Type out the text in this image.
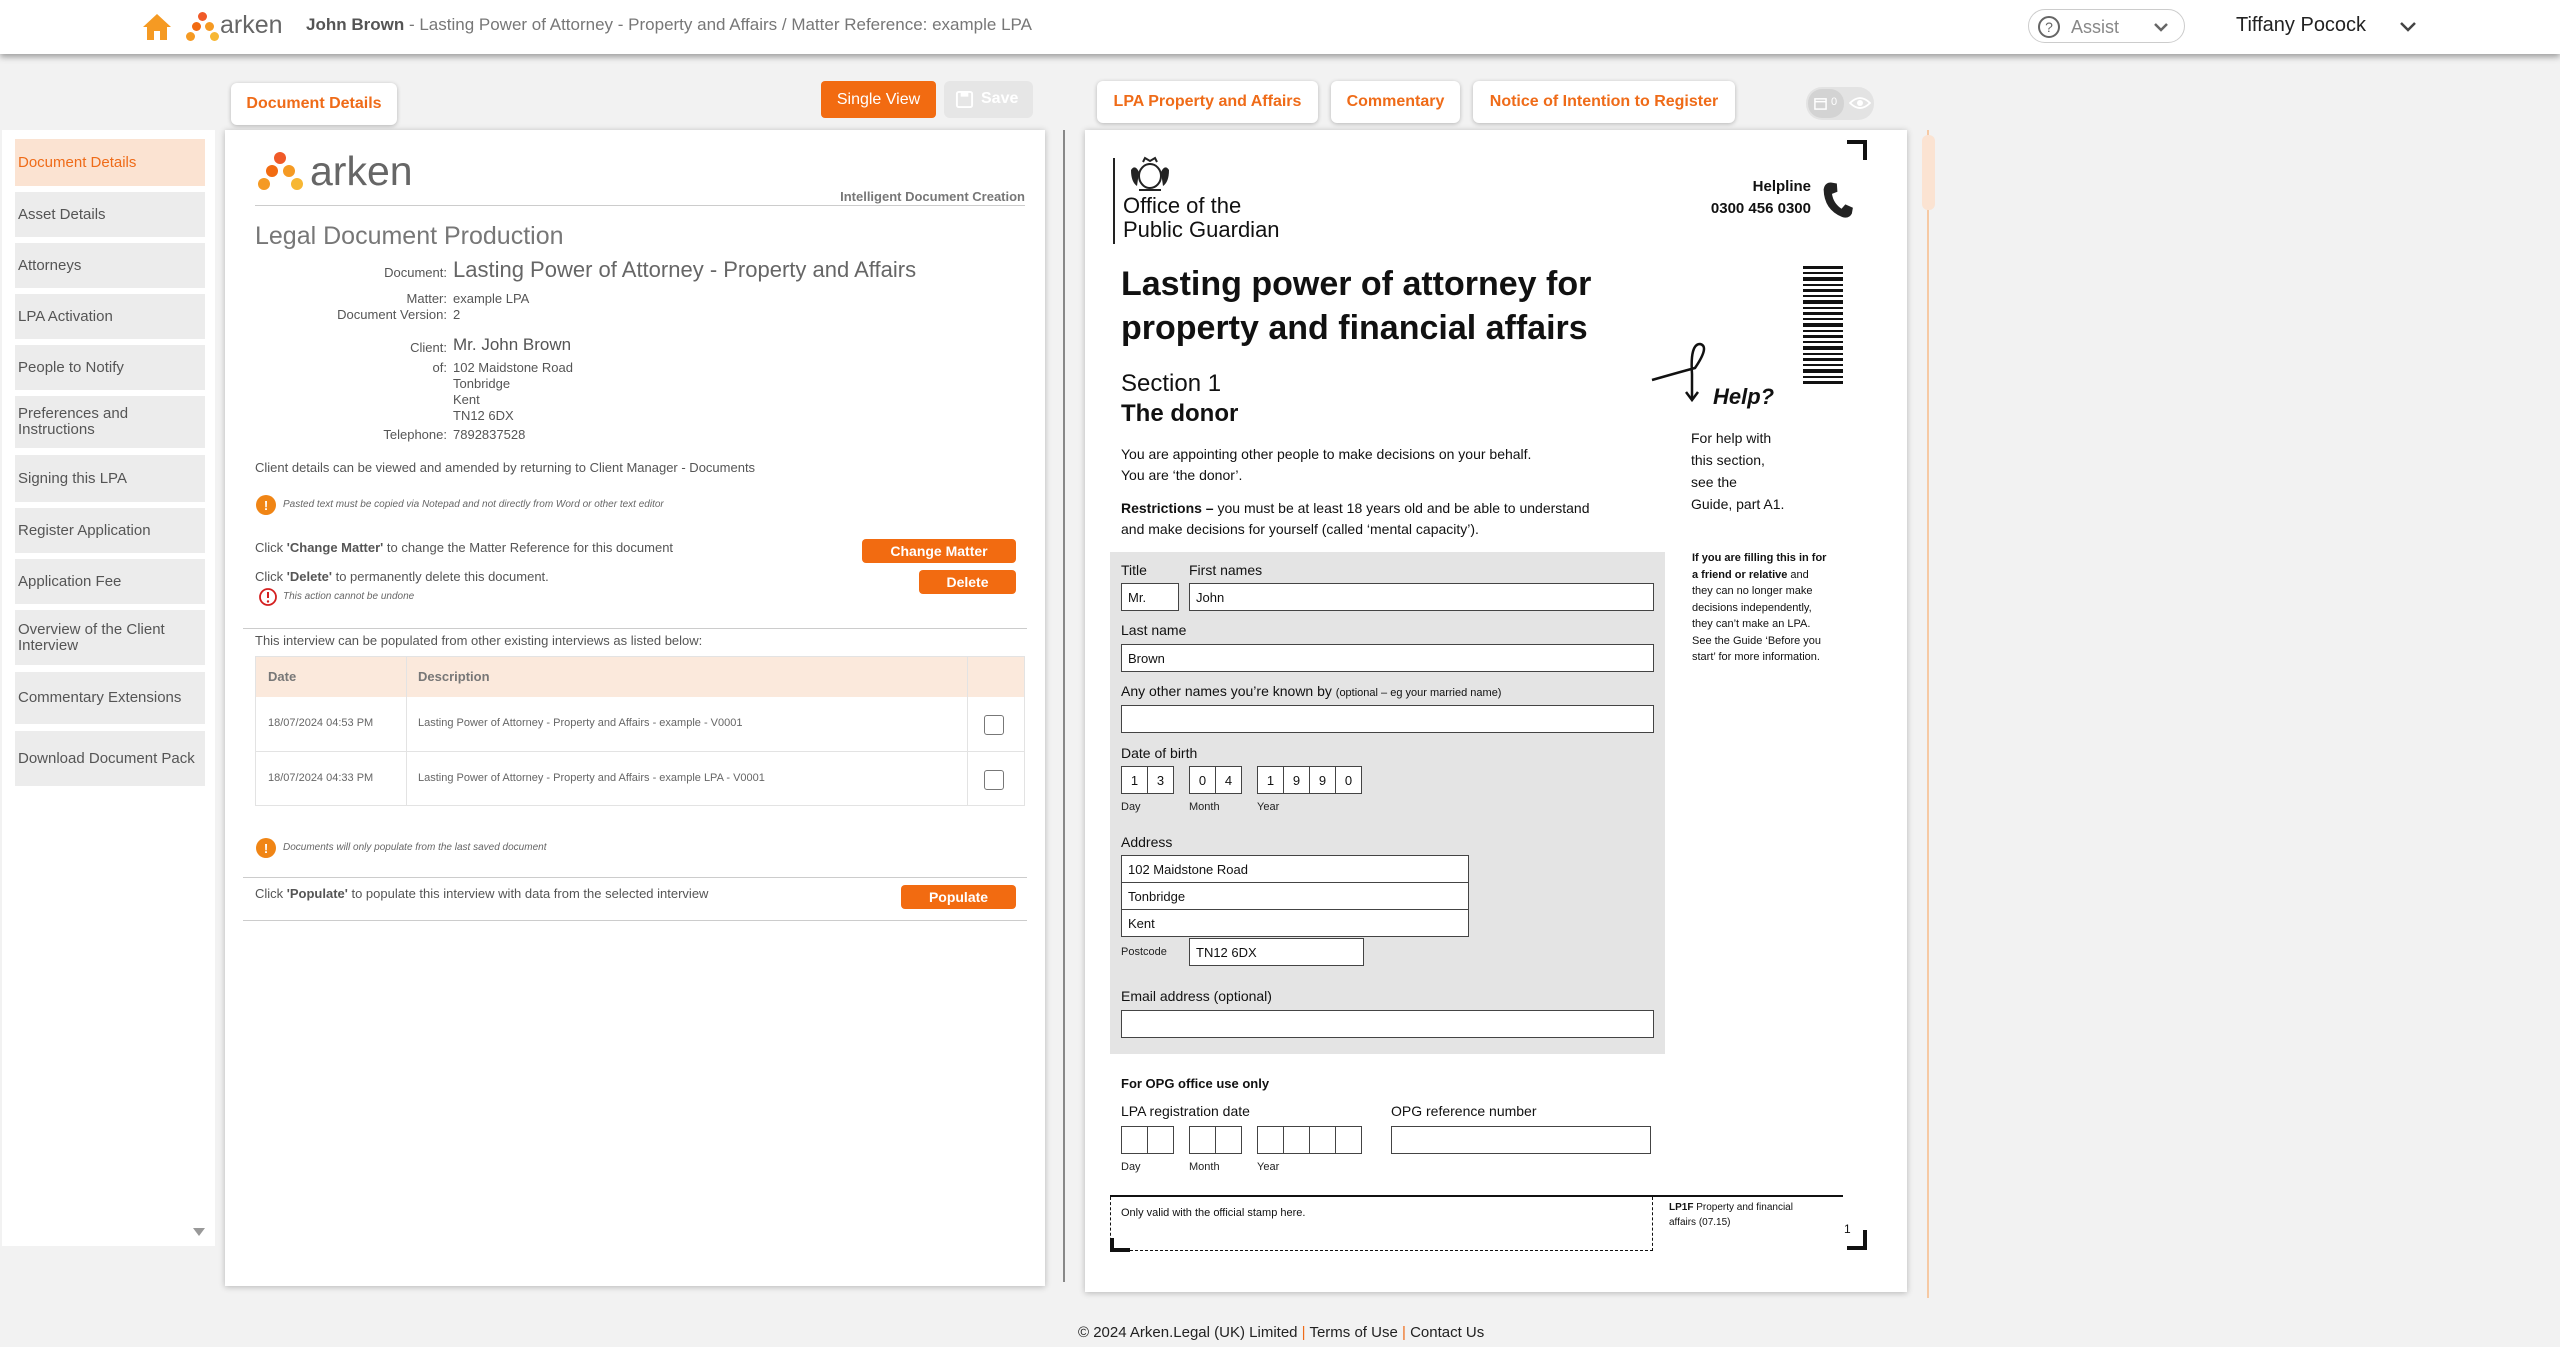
arken John Brown - Lasting Power of Attorney - Property and Affairs / Matter Reference: example LPA	? Assist	Tiffany Pocock
Document Details	Single View	Save	LPA Property and Affairs	Commentary	Notice of Intention to Register	0
Document Details
Asset Details
Attorneys
LPA Activation
People to Notify
Preferences and Instructions
Signing this LPA
Register Application
Application Fee
Overview of the Client Interview
Commentary Extensions
Download Document Pack
arken
Intelligent Document Creation
Legal Document Production
Document: Lasting Power of Attorney - Property and Affairs
Matter: example LPA
Document Version: 2
Client: Mr. John Brown
of: 102 Maidstone Road
Tonbridge
Kent
TN12 6DX
Telephone: 7892837528
Client details can be viewed and amended by returning to Client Manager - Documents
!	Pasted text must be copied via Notepad and not directly from Word or other text editor
Click 'Change Matter' to change the Matter Reference for this document	Change Matter
Click 'Delete' to permanently delete this document.	Delete
This action cannot be undone
This interview can be populated from other existing interviews as listed below:
Date	Description
18/07/2024 04:53 PM	Lasting Power of Attorney - Property and Affairs - example - V0001
18/07/2024 04:33 PM	Lasting Power of Attorney - Property and Affairs - example LPA - V0001
!	Documents will only populate from the last saved document
Click 'Populate' to populate this interview with data from the selected interview	Populate
Office of the
Public Guardian
Helpline
0300 456 0300
Lasting power of attorney for
property and financial affairs
Section 1
The donor
Help?
For help with
this section,
see the
Guide, part A1.
You are appointing other people to make decisions on your behalf.
You are ‘the donor’.
Restrictions – you must be at least 18 years old and be able to understand
and make decisions for yourself (called ‘mental capacity’).
If you are filling this in for
a friend or relative and
they can no longer make
decisions independently,
they can’t make an LPA.
See the Guide ‘Before you
start’ for more information.
Title
Mr.
First names
John
Last name
Brown
Any other names you’re known by (optional – eg your married name)
Date of birth
1	3	0	4	1	9	9	0
Day	Month	Year
Address
102 Maidstone Road
Tonbridge
Kent
Postcode	TN12 6DX
Email address (optional)
For OPG office use only
LPA registration date
Day	Month	Year
OPG reference number
Only valid with the official stamp here.	LP1F Property and financial
affairs (07.15)	1
© 2024 Arken.Legal (UK) Limited | Terms of Use | Contact Us
